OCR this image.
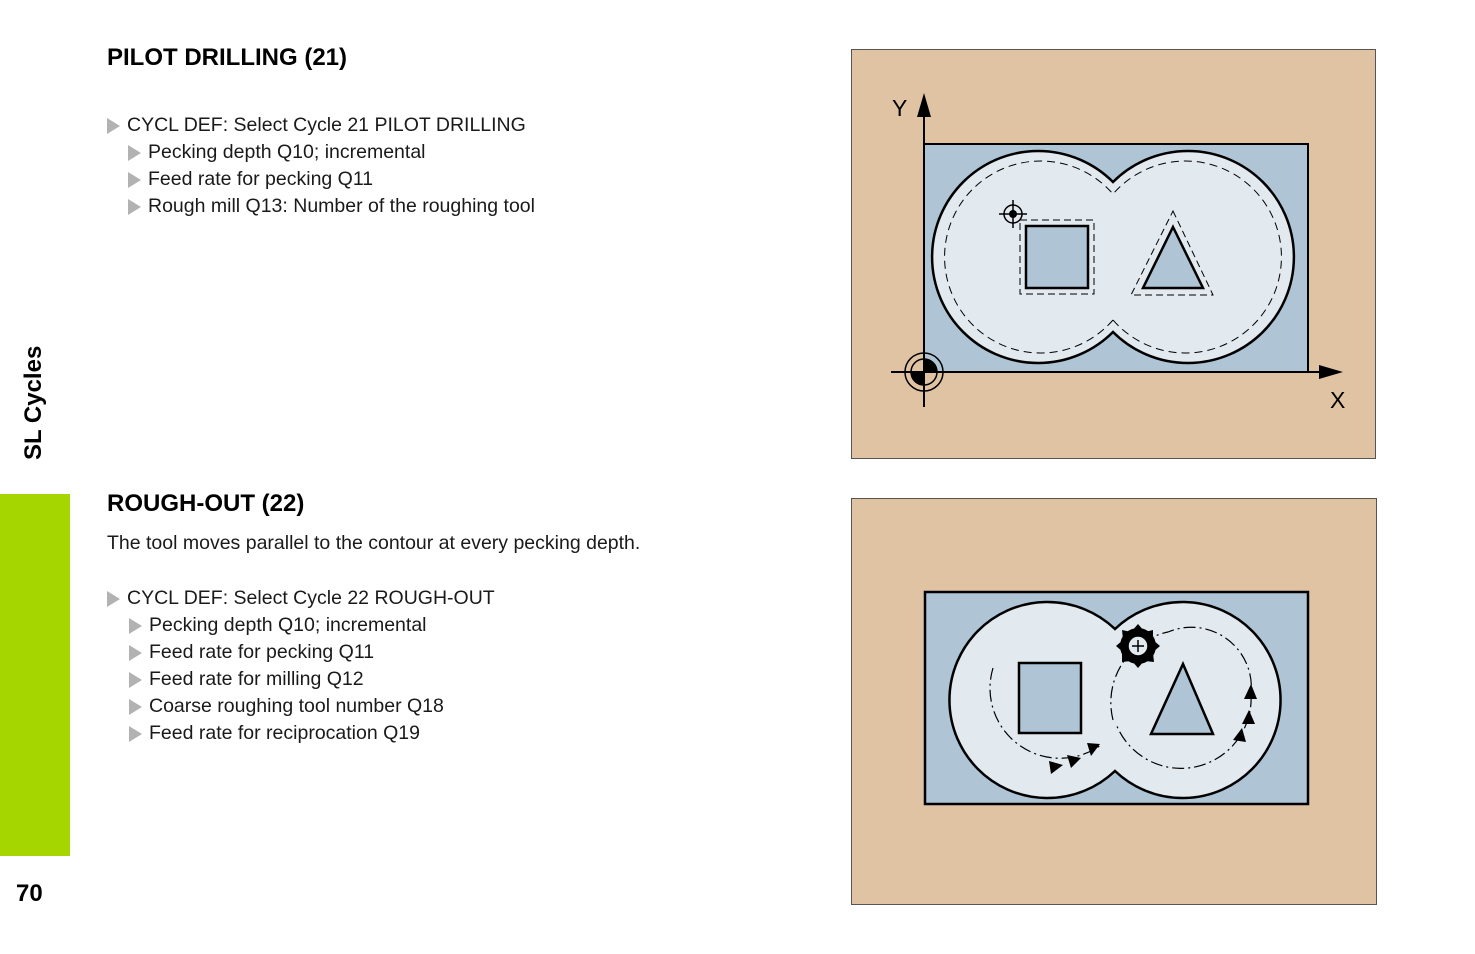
SL Cycles
70
PILOT DRILLING (21)
CYCL DEF: Select Cycle 21 PILOT DRILLING
Pecking depth Q10; incremental
Feed rate for pecking Q11
Rough mill Q13: Number of the roughing tool
Y
X
ROUGH-OUT (22)

The tool moves parallel to the contour at every pecking depth.

CYCL DEF: Select Cycle 22 ROUGH-OUT
Pecking depth Q10; incremental
Feed rate for pecking Q11
Feed rate for milling Q12
Coarse roughing tool number Q18
Feed rate for reciprocation Q19
